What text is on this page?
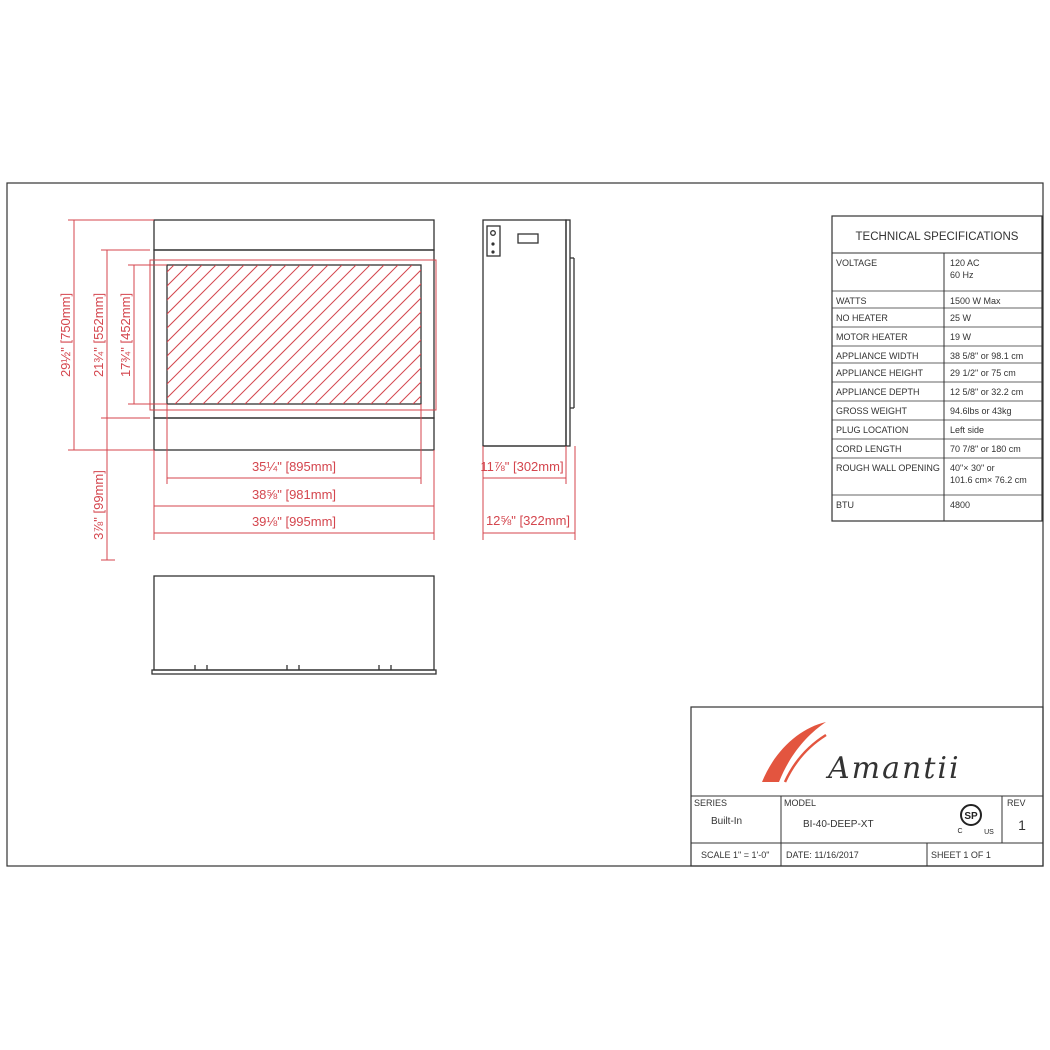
29½" [750mm] 21¾" [552mm] 17¾" [452mm]
3⅞" [99mm]
35¼" [895mm]
38⅝" [981mm]
39⅛" [995mm]
11⅞" [302mm]
12⅝" [322mm]
TECHNICAL SPECIFICATIONS
VOLTAGE	120 AC
60 Hz
WATTS	1500 W Max
NO HEATER	25 W
MOTOR HEATER	19 W
APPLIANCE WIDTH	38 5/8" or 98.1 cm
APPLIANCE HEIGHT	29 1/2" or 75 cm
APPLIANCE DEPTH	12 5/8" or 32.2 cm
GROSS WEIGHT	94.6lbs or 43kg
PLUG LOCATION	Left side
CORD LENGTH	70 7/8" or 180 cm
ROUGH WALL OPENING 40"× 30" or
101.6 cm× 76.2 cm
BTU	4800
Amantii
SERIES
Built-In
MODEL
BI-40-DEEP-XT
SP
C	US
REV
1
SCALE 1" = 1'-0" DATE: 11/16/2017	SHEET 1 OF 1
